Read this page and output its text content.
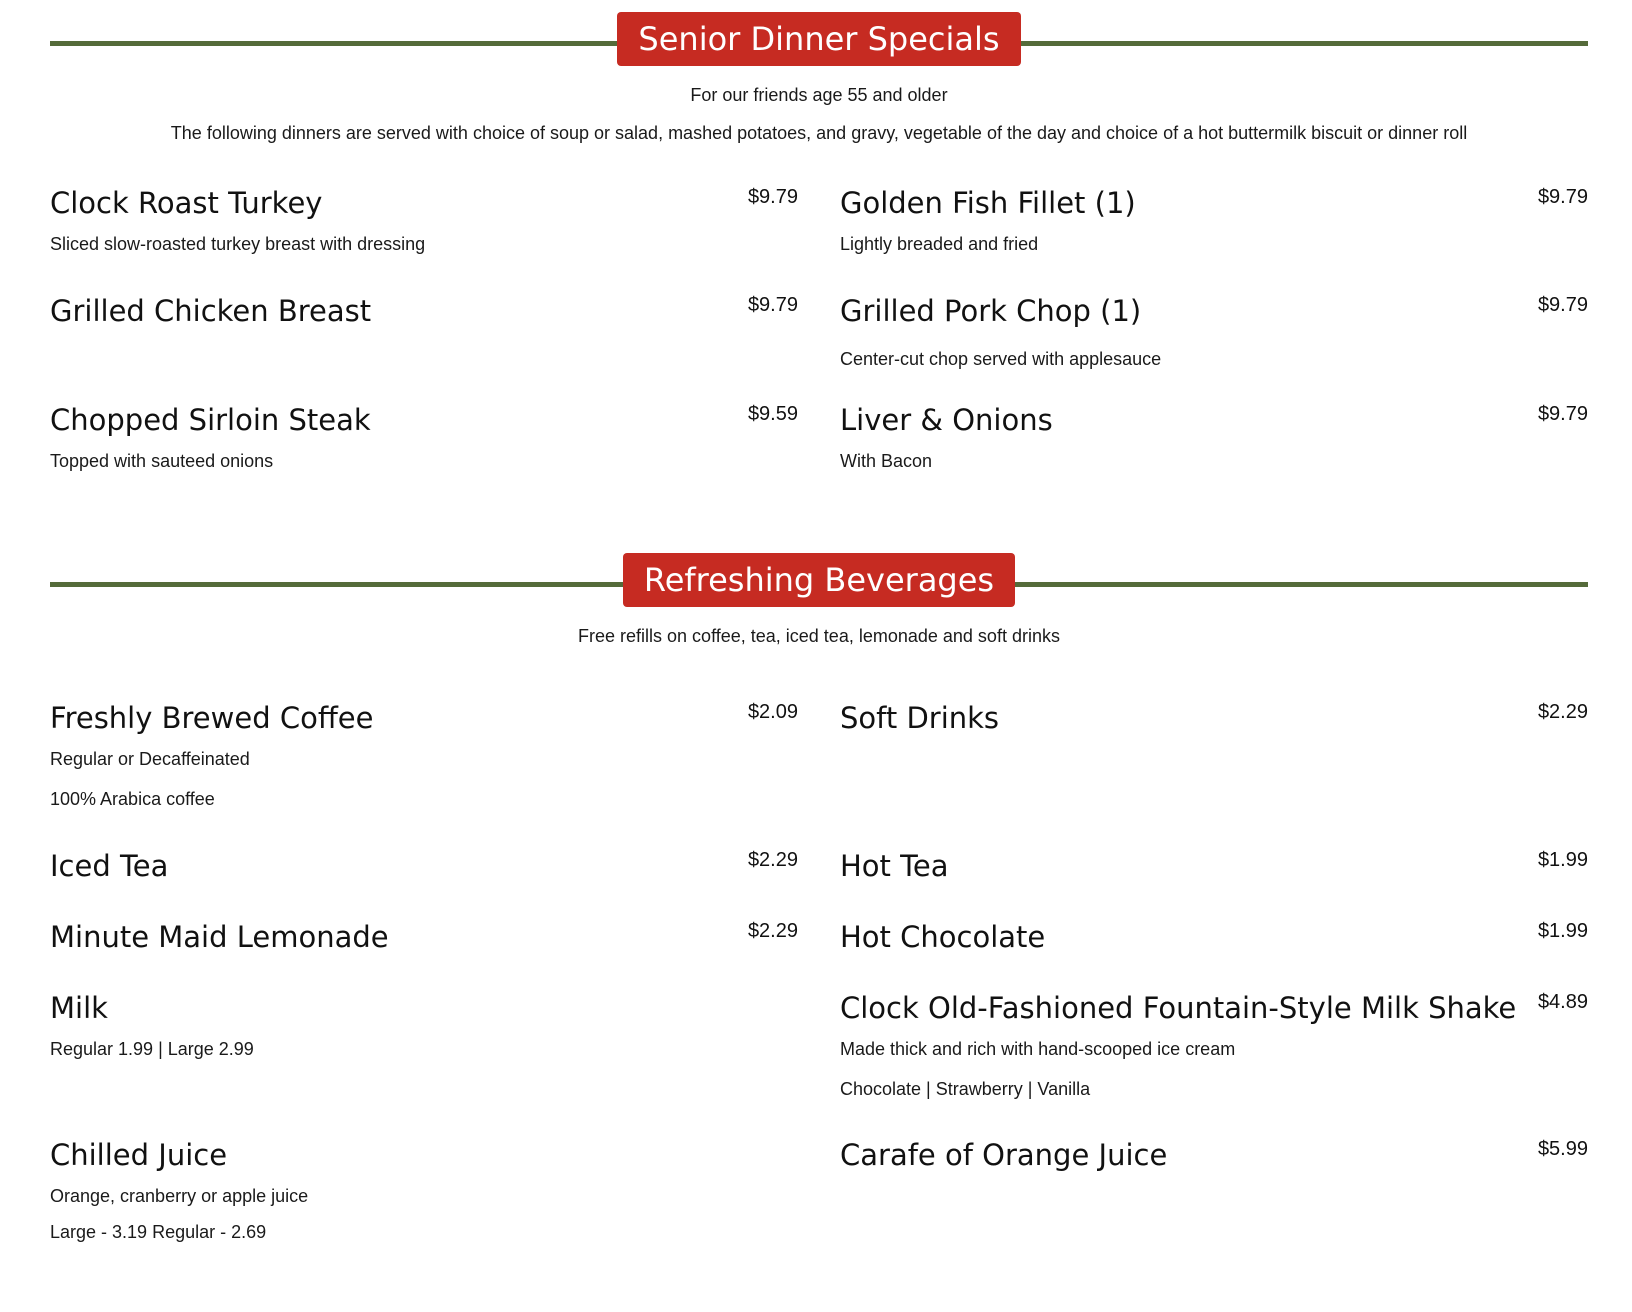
Senior Dinner Specials

For our friends age 55 and older

The following dinners are served with choice of soup or salad, mashed potatoes, and gravy, vegetable of the day and choice of a hot buttermilk biscuit or dinner roll

Clock Roast Turkey	$9.79
Sliced slow-roasted turkey breast with dressing
Golden Fish Fillet (1)	$9.79
Lightly breaded and fried
Grilled Chicken Breast	$9.79 Grilled Pork Chop (1)	$9.79
Center-cut chop served with applesauce
Chopped Sirloin Steak	$9.59
Topped with sauteed onions
Liver & Onions	$9.79
With Bacon
Refreshing Beverages

Free refills on coffee, tea, iced tea, lemonade and soft drinks

Freshly Brewed Coffee	$2.09
Regular or Decaffeinated
100% Arabica coffee
Soft Drinks	$2.29
Iced Tea	$2.29 Hot Tea	$1.99
Minute Maid Lemonade	$2.29 Hot Chocolate	$1.99
Milk
Regular 1.99 | Large 2.99
Clock Old-Fashioned Fountain-Style Milk Shake $4.89
Made thick and rich with hand-scooped ice cream
Chocolate | Strawberry | Vanilla
Chilled Juice
Orange, cranberry or apple juice
Large - 3.19 Regular - 2.69
Carafe of Orange Juice	$5.99
